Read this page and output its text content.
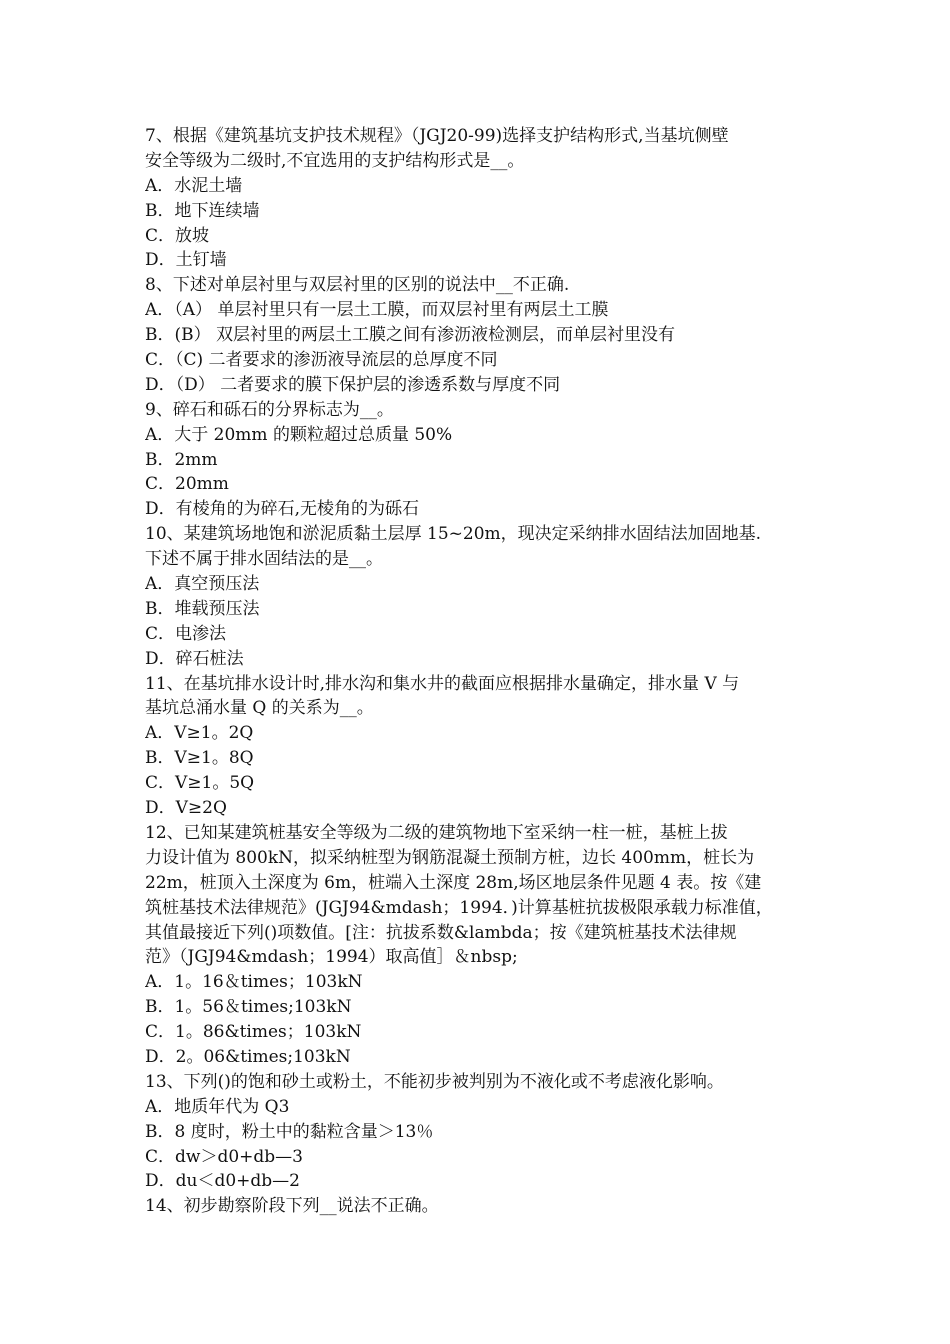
7、根据《建筑基坑支护技术规程》（JGJ20-99)选择支护结构形式,当基坑侧壁
安全等级为二级时,不宜选用的支护结构形式是__。
A．水泥土墙
B．地下连续墙
C．放坡
D．土钉墙
8、下述对单层衬里与双层衬里的区别的说法中__不正确.
A．（A） 单层衬里只有一层土工膜，而双层衬里有两层土工膜
B．(B） 双层衬里的两层土工膜之间有渗沥液检测层，而单层衬里没有
C．（C) 二者要求的渗沥液导流层的总厚度不同
D．（D） 二者要求的膜下保护层的渗透系数与厚度不同
9、碎石和砾石的分界标志为__。
A．大于 20mm 的颗粒超过总质量 50%
B．2mm
C．20mm
D．有棱角的为碎石,无棱角的为砾石
10、某建筑场地饱和淤泥质黏土层厚 15~20m，现决定采纳排水固结法加固地基.
下述不属于排水固结法的是__。
A．真空预压法
B．堆载预压法
C．电渗法
D．碎石桩法
11、在基坑排水设计时,排水沟和集水井的截面应根据排水量确定，排水量 V 与
基坑总涌水量 Q 的关系为__。
A．V≥1。2Q
B．V≥1。8Q
C．V≥1。5Q
D．V≥2Q
12、已知某建筑桩基安全等级为二级的建筑物地下室采纳一柱一桩，基桩上拔
力设计值为 800kN，拟采纳桩型为钢筋混凝土预制方桩，边长 400mm，桩长为
22m，桩顶入土深度为 6m，桩端入土深度 28m,场区地层条件见题 4 表。按《建
筑桩基技术法律规范》(JGJ94&mdash；1994．)计算基桩抗拔极限承载力标准值，
其值最接近下列()项数值。[注：抗拔系数&lambda；按《建筑桩基技术法律规
范》（JGJ94&mdash；1994）取高值］＆nbsp;
A．1。16＆times；103kN
B．1。56＆times;103kN
C．1。86&times；103kN
D．2。06&times;103kN
13、下列()的饱和砂土或粉土，不能初步被判别为不液化或不考虑液化影响。
A．地质年代为 Q3
B．8 度时，粉土中的黏粒含量＞13％
C．dw＞d0+db—3
D．du＜d0+db—2
14、初步勘察阶段下列__说法不正确。
